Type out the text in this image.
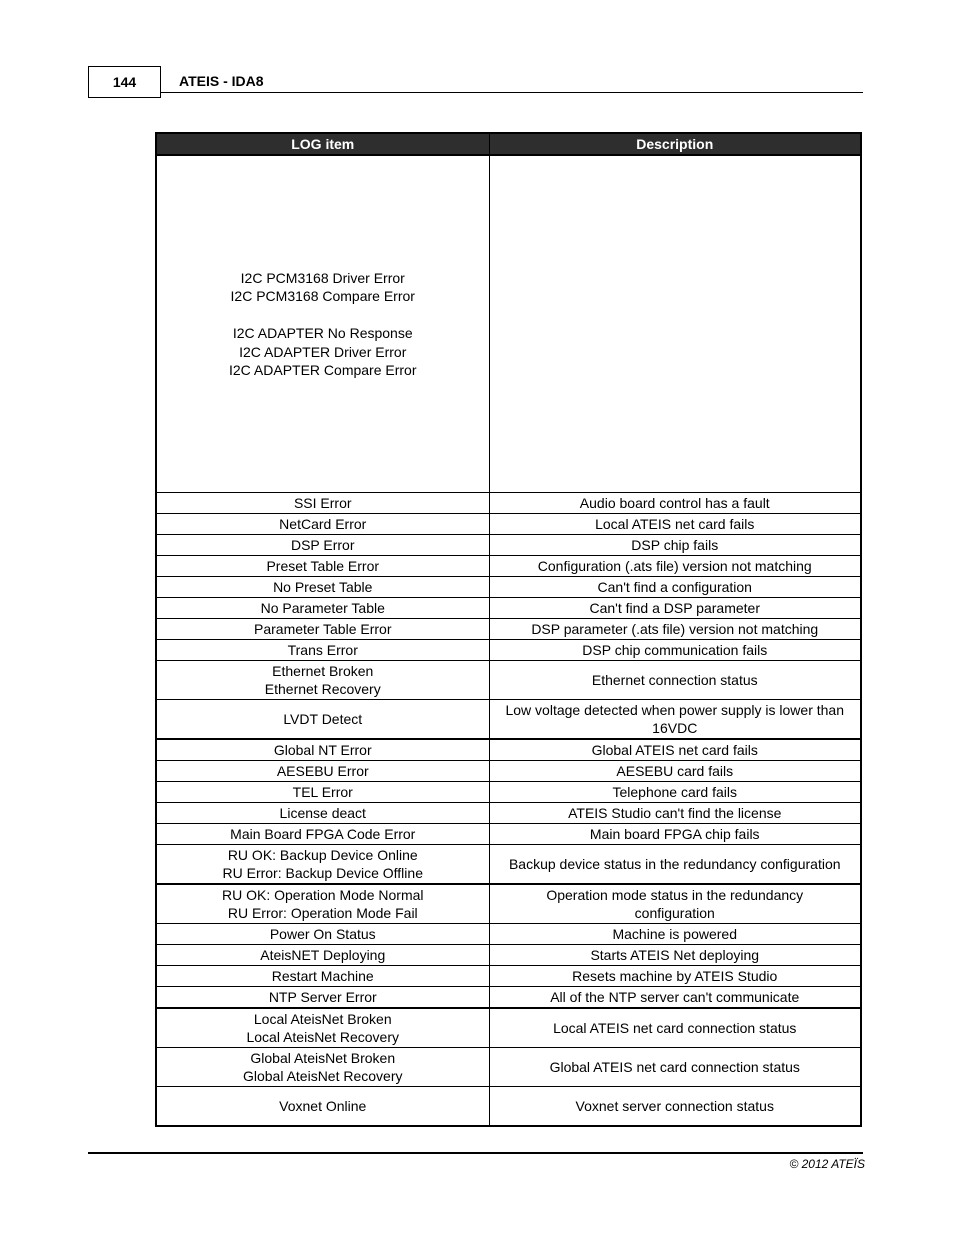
144	ATEIS - IDA8
LOG item	Description
I2C PCM3168 Driver Error
I2C PCM3168 Compare Error

I2C ADAPTER No Response
I2C ADAPTER Driver Error
I2C ADAPTER Compare Error	
SSI Error	Audio board control has a fault
NetCard Error	Local ATEIS net card fails
DSP Error	DSP chip fails
Preset Table Error	Configuration (.ats file) version not matching
No Preset Table	Can't find a configuration
No Parameter Table	Can't find a DSP parameter
Parameter Table Error	DSP parameter (.ats file) version not matching
Trans Error	DSP chip communication fails
Ethernet Broken
Ethernet Recovery	Ethernet connection status
LVDT Detect	Low voltage detected when power supply is lower than 16VDC
Global NT Error	Global ATEIS net card fails
AESEBU Error	AESEBU card fails
TEL Error	Telephone card fails
License deact	ATEIS Studio can't find the license
Main Board FPGA Code Error	Main board FPGA chip fails
RU OK: Backup Device Online
RU Error: Backup Device Offline	Backup device status in the redundancy configuration
RU OK: Operation Mode Normal
RU Error: Operation Mode Fail	Operation mode status in the redundancy
configuration
Power On Status	Machine is powered
AteisNET Deploying	Starts ATEIS Net deploying
Restart Machine	Resets machine by ATEIS Studio
NTP Server Error	All of the NTP server can't communicate
Local AteisNet Broken
Local AteisNet Recovery	Local ATEIS net card connection status
Global AteisNet Broken
Global AteisNet Recovery	Global ATEIS net card connection status
Voxnet Online	Voxnet server connection status
© 2012 ATEÏS
